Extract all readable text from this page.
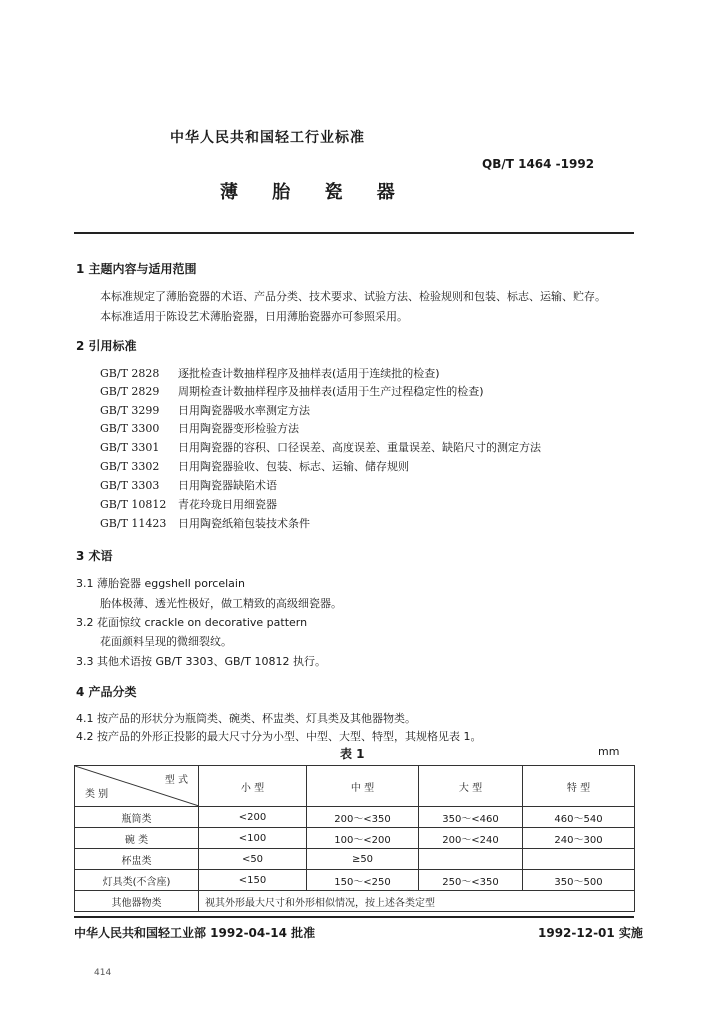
中华人民共和国轻工行业标准
QB/T 1464 -1992
薄 胎 瓷 器
1 主题内容与适用范围
本标准规定了薄胎瓷器的术语、产品分类、技术要求、试验方法、检验规则和包装、标志、运输、贮存。
本标准适用于陈设艺术薄胎瓷器，日用薄胎瓷器亦可参照采用。
2 引用标准
GB/T 2828 逐批检查计数抽样程序及抽样表(适用于连续批的检查)
GB/T 2829 周期检查计数抽样程序及抽样表(适用于生产过程稳定性的检查)
GB/T 3299 日用陶瓷器吸水率测定方法
GB/T 3300 日用陶瓷器变形检验方法
GB/T 3301 日用陶瓷器的容积、口径误差、高度误差、重量误差、缺陷尺寸的测定方法
GB/T 3302 日用陶瓷器验收、包装、标志、运输、储存规则
GB/T 3303 日用陶瓷器缺陷术语
GB/T 10812 青花玲珑日用细瓷器
GB/T 11423 日用陶瓷纸箱包装技术条件
3 术语
3.1 薄胎瓷器 eggshell porcelain
胎体极薄、透光性极好，做工精致的高级细瓷器。
3.2 花面惊纹 crackle on decorative pattern
花面颜料呈现的微细裂纹。
3.3 其他术语按 GB/T 3303、GB/T 10812 执行。
4 产品分类
4.1 按产品的形状分为瓶筒类、碗类、杯盅类、灯具类及其他器物类。
4.2 按产品的外形正投影的最大尺寸分为小型、中型、大型、特型，其规格见表 1。
表 1	mm
型 式
类 别	小 型	中 型	大 型	特 型
瓶筒类	<200	200～<350	350～<460	460～540
碗 类	<100	100～<200	200～<240	240～300
杯盅类	<50	≥50		
灯具类(不含座)	<150	150～<250	250～<350	350～500
其他器物类	视其外形最大尺寸和外形相似情况，按上述各类定型			
中华人民共和国轻工业部 1992-04-14 批准	1992-12-01 实施
414
